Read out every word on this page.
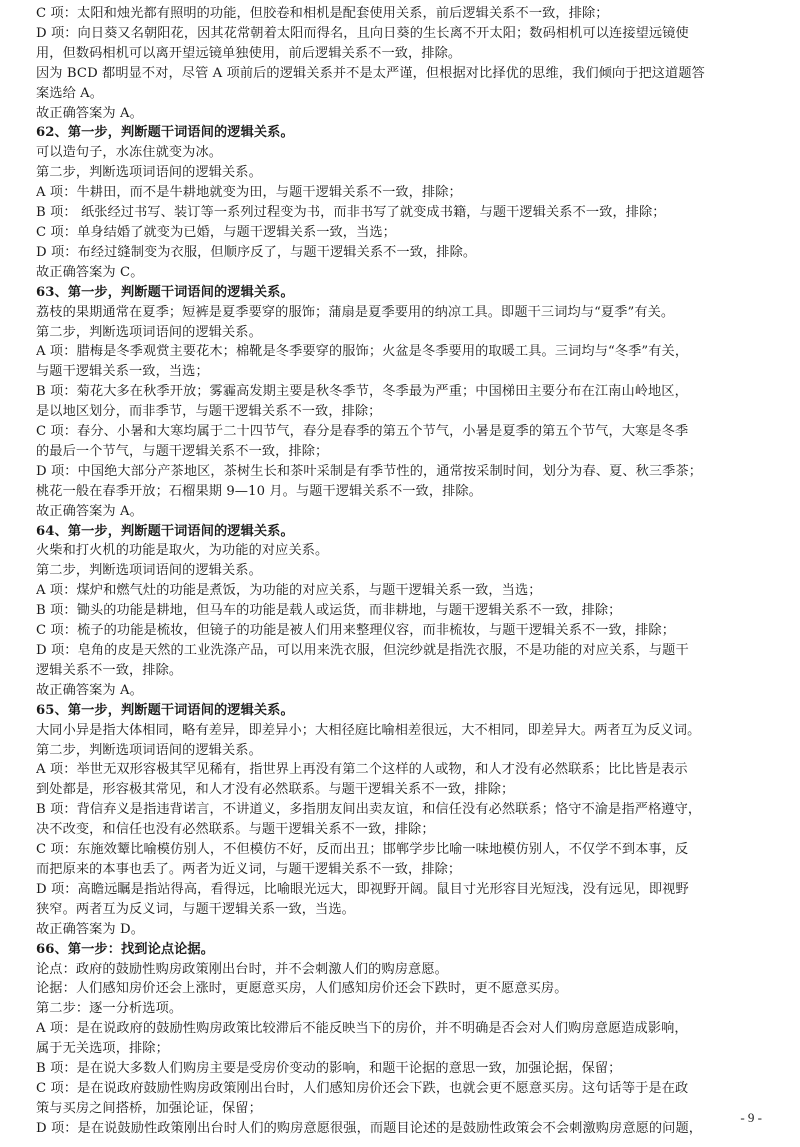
C 项：太阳和烛光都有照明的功能，但胶卷和相机是配套使用关系，前后逻辑关系不一致，排除；
D 项：向日葵又名朝阳花，因其花常朝着太阳而得名，且向日葵的生长离不开太阳；数码相机可以连接望远镜使
用，但数码相机可以离开望远镜单独使用，前后逻辑关系不一致，排除。
因为 BCD 都明显不对，尽管 A 项前后的逻辑关系并不是太严谨，但根据对比择优的思维，我们倾向于把这道题答
案选给 A。
故正确答案为 A。
62、第一步，判断题干词语间的逻辑关系。
可以造句子，水冻住就变为冰。
第二步，判断选项词语间的逻辑关系。
A 项：牛耕田，而不是牛耕地就变为田，与题干逻辑关系不一致，排除；
B 项： 纸张经过书写、装订等一系列过程变为书，而非书写了就变成书籍，与题干逻辑关系不一致，排除；
C 项：单身结婚了就变为已婚，与题干逻辑关系一致，当选；
D 项：布经过缝制变为衣服，但顺序反了，与题干逻辑关系不一致，排除。
故正确答案为 C。
63、第一步，判断题干词语间的逻辑关系。
荔枝的果期通常在夏季；短裤是夏季要穿的服饰；蒲扇是夏季要用的纳凉工具。即题干三词均与“夏季”有关。
第二步，判断选项词语间的逻辑关系。
A 项：腊梅是冬季观赏主要花木；棉靴是冬季要穿的服饰；火盆是冬季要用的取暖工具。三词均与“冬季”有关，
与题干逻辑关系一致，当选；
B 项：菊花大多在秋季开放；雾霾高发期主要是秋冬季节，冬季最为严重；中国梯田主要分布在江南山岭地区，
是以地区划分，而非季节，与题干逻辑关系不一致，排除；
C 项：春分、小暑和大寒均属于二十四节气，春分是春季的第五个节气，小暑是夏季的第五个节气，大寒是冬季
的最后一个节气，与题干逻辑关系不一致，排除；
D 项：中国绝大部分产茶地区，茶树生长和茶叶采制是有季节性的，通常按采制时间，划分为春、夏、秋三季茶；
桃花一般在春季开放；石榴果期 9—10 月。与题干逻辑关系不一致，排除。
故正确答案为 A。
64、第一步，判断题干词语间的逻辑关系。
火柴和打火机的功能是取火，为功能的对应关系。
第二步，判断选项词语间的逻辑关系。
A 项：煤炉和燃气灶的功能是煮饭，为功能的对应关系，与题干逻辑关系一致，当选；
B 项：锄头的功能是耕地，但马车的功能是载人或运货，而非耕地，与题干逻辑关系不一致，排除；
C 项：梳子的功能是梳妆，但镜子的功能是被人们用来整理仪容，而非梳妆，与题干逻辑关系不一致，排除；
D 项：皂角的皮是天然的工业洗涤产品，可以用来洗衣服，但浣纱就是指洗衣服，不是功能的对应关系，与题干
逻辑关系不一致，排除。
故正确答案为 A。
65、第一步，判断题干词语间的逻辑关系。
大同小异是指大体相同，略有差异，即差异小；大相径庭比喻相差很远，大不相同，即差异大。两者互为反义词。
第二步，判断选项词语间的逻辑关系。
A 项：举世无双形容极其罕见稀有，指世界上再没有第二个这样的人或物，和人才没有必然联系；比比皆是表示
到处都是，形容极其常见，和人才没有必然联系。与题干逻辑关系不一致，排除；
B 项：背信弃义是指违背诺言，不讲道义，多指朋友间出卖友谊，和信任没有必然联系；恪守不渝是指严格遵守，
决不改变，和信任也没有必然联系。与题干逻辑关系不一致，排除；
C 项：东施效颦比喻模仿别人，不但模仿不好，反而出丑；邯郸学步比喻一味地模仿别人，不仅学不到本事，反
而把原来的本事也丢了。两者为近义词，与题干逻辑关系不一致，排除；
D 项：高瞻远瞩是指站得高，看得远，比喻眼光远大，即视野开阔。鼠目寸光形容目光短浅，没有远见，即视野
狭窄。两者互为反义词，与题干逻辑关系一致，当选。
故正确答案为 D。
66、第一步：找到论点论据。
论点：政府的鼓励性购房政策刚出台时，并不会刺激人们的购房意愿。
论据：人们感知房价还会上涨时，更愿意买房，人们感知房价还会下跌时，更不愿意买房。
第二步：逐一分析选项。
A 项：是在说政府的鼓励性购房政策比较滞后不能反映当下的房价，并不明确是否会对人们购房意愿造成影响，
属于无关选项，排除；
B 项：是在说大多数人们购房主要是受房价变动的影响，和题干论据的意思一致，加强论据，保留；
C 项：是在说政府鼓励性购房政策刚出台时，人们感知房价还会下跌，也就会更不愿意买房。这句话等于是在政
策与买房之间搭桥，加强论证，保留；
D 项：是在说鼓励性政策刚出台时人们的购房意愿很强，而题目论述的是鼓励性政策会不会刺激购房意愿的问题，
- 9 -
